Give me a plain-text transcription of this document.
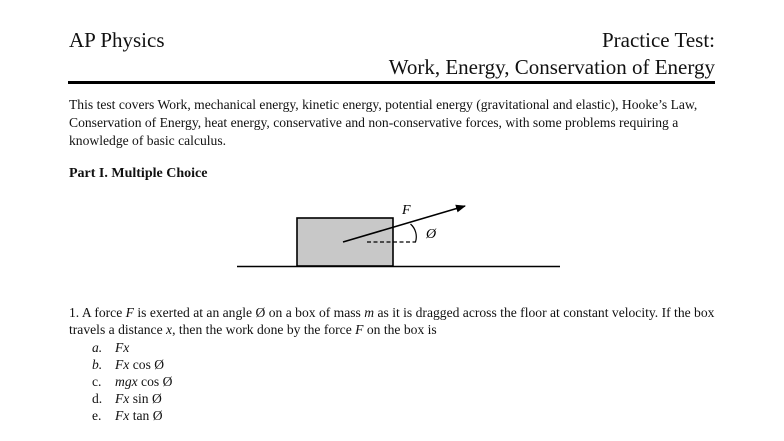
AP Physics	Practice Test:
Work, Energy, Conservation of Energy
This test covers Work, mechanical energy, kinetic energy, potential energy (gravitational and elastic), Hooke’s Law, Conservation of Energy, heat energy, conservative and non-conservative forces, with some problems requiring a knowledge of basic calculus.
Part I. Multiple Choice
F
Ø
1. A force F is exerted at an angle Ø on a box of mass m as it is dragged across the floor at constant velocity. If the box travels a distance x, then the work done by the force F on the box is
a. Fx
b. Fx cos Ø
c. mgx cos Ø
d. Fx sin Ø
e. Fx tan Ø
